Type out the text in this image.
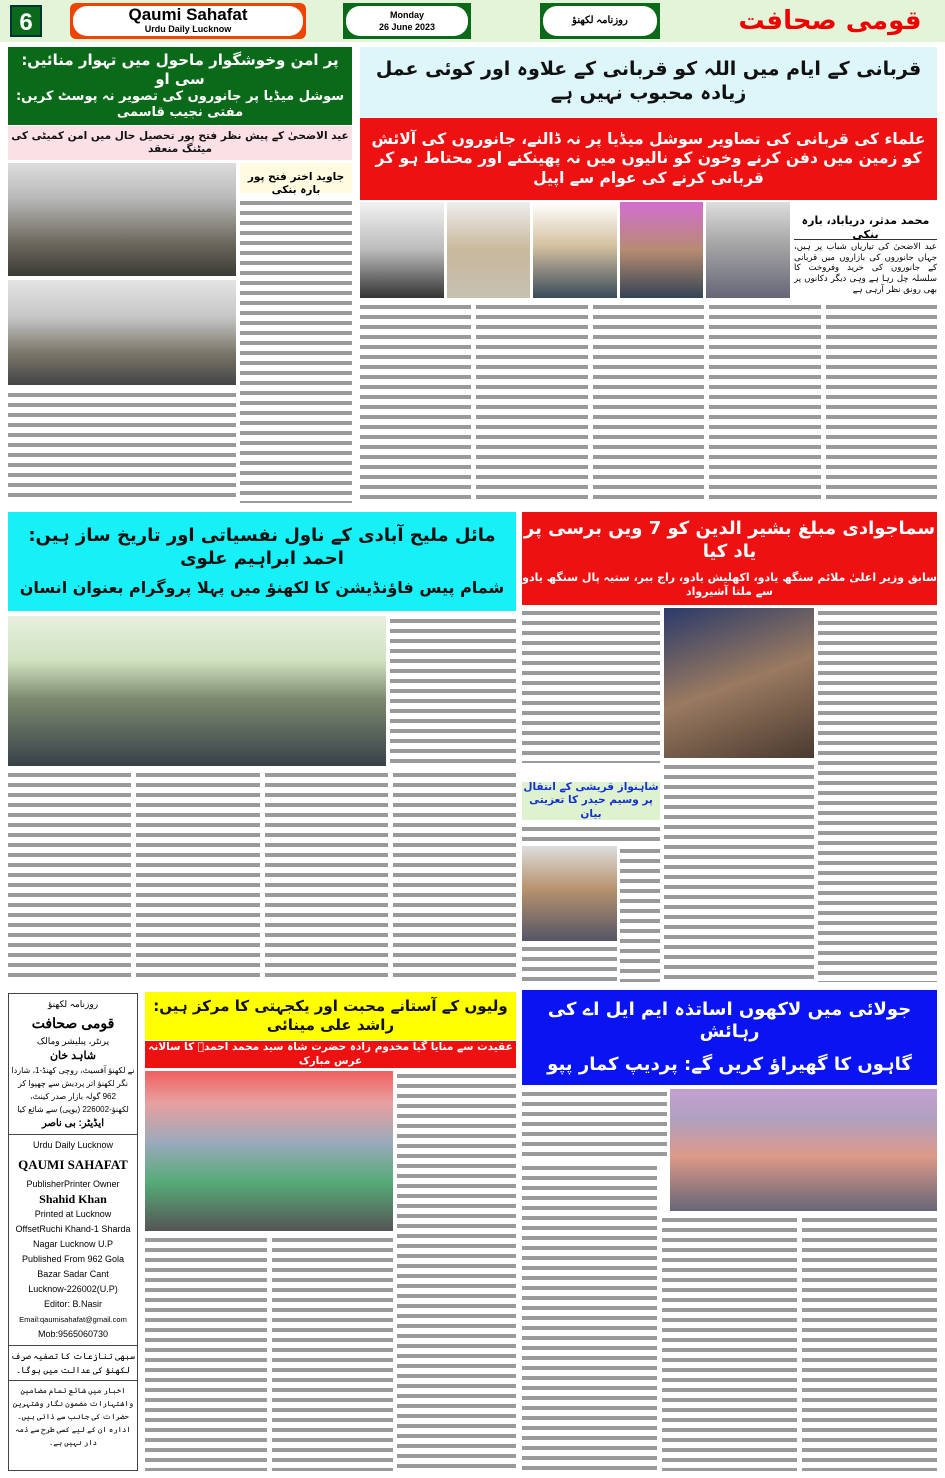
6	Qaumi Sahafat
Urdu Daily Lucknow
Monday
26 June 2023
روزنامہ لکھنؤ	قومی صحافت
پر امن وخوشگوار ماحول میں تہوار منائیں: سی او
سوشل میڈیا پر جانوروں کی تصویر نہ پوسٹ کریں: مفتی نجیب قاسمی
عید الاضحیٰ کے پیش نظر فتح پور تحصیل حال میں امن کمیٹی کی میٹنگ منعقد
جاوید اختر فتح پور بارہ بنکی
قربانی کے ایام میں اللہ کو قربانی کے علاوہ اور کوئی عمل زیادہ محبوب نہیں ہے
علماء کی قربانی کی تصاویر سوشل میڈیا پر نہ ڈالنے، جانوروں کی آلائش کو زمین میں دفن کرنے وخون کو نالیوں میں نہ پھینکنے اور محتاط ہو کر قربانی کرنے کی عوام سے اپیل
محمد مدثر، دریاباد، بارہ بنکی
عید الاضحیٰ کی تیاریاں شباب پر ہیں، جہاں جانوروں کی بازاروں میں قربانی کے جانوروں کی خرید وفروخت کا سلسلہ چل رہا ہے وہی دیگر دکانوں پر بھی رونق نظر آرہی ہے
مائل ملیح آبادی کے ناول نفسیاتی اور تاریخ ساز ہیں: احمد ابراہیم علوی
شمام پیس فاؤنڈیشن کا لکھنؤ میں پہلا پروگرام بعنوان انسان
سماجوادی مبلغ بشیر الدین کو 7 ویں برسی پر یاد کیا
سابق وزیر اعلیٰ ملائم سنگھ یادو، اکھلیش یادو، راج ببر، ستیہ پال سنگھ یادو سے ملتا آشیرواد
شاہنواز قریشی کے انتقال پر وسیم حیدر کا تعزیتی بیان
روزنامہ لکھنؤ
قومی صحافت
پرنٹر، پبلیشر ومالک
شاہد خان
نے لکھنؤ آفسیٹ، روچی کھنڈ-1، شاردا نگر لکھنؤ اتر پردیش سے چھپوا کر 962 گولہ بازار صدر کینٹ، لکھنؤ-226002 (یوپی) سے شائع کیا
ایڈیٹر: بی ناصر
Urdu Daily Lucknow
QAUMI SAHAFAT
PublisherPrinter Owner
Shahid Khan
Printed at Lucknow
OffsetRuchi Khand-1 Sharda
Nagar Lucknow U.P
Published From 962 Gola
Bazar Sadar Cant
Lucknow-226002(U.P)
Editor: B.Nasir
Email:qaumisahafat@gmail.com
Mob:9565060730
سبھی تنازعات کا تصفیہ صرف لکھنؤ کی عدالت میں ہوگا۔
اخبار میں شائع تمام مضامین واشتہارات مضمون نگار وشتہرین حضرات کی جانب سے ذاتی ہیں۔ ادارہ ان کے لیے کسی طرح سے ذمہ دار نہیں ہے۔
ولیوں کے آستانے محبت اور یکجہتی کا مرکز ہیں: راشد علی مینائی
عقیدت سے منایا گیا مخدوم زادہ حضرت شاہ سید محمد احمدؒ کا سالانہ عرس مبارک
جولائی میں لاکھوں اساتذہ ایم ایل اے کی رہائش
گاہوں کا گھیراؤ کریں گے: پردیپ کمار پپو
